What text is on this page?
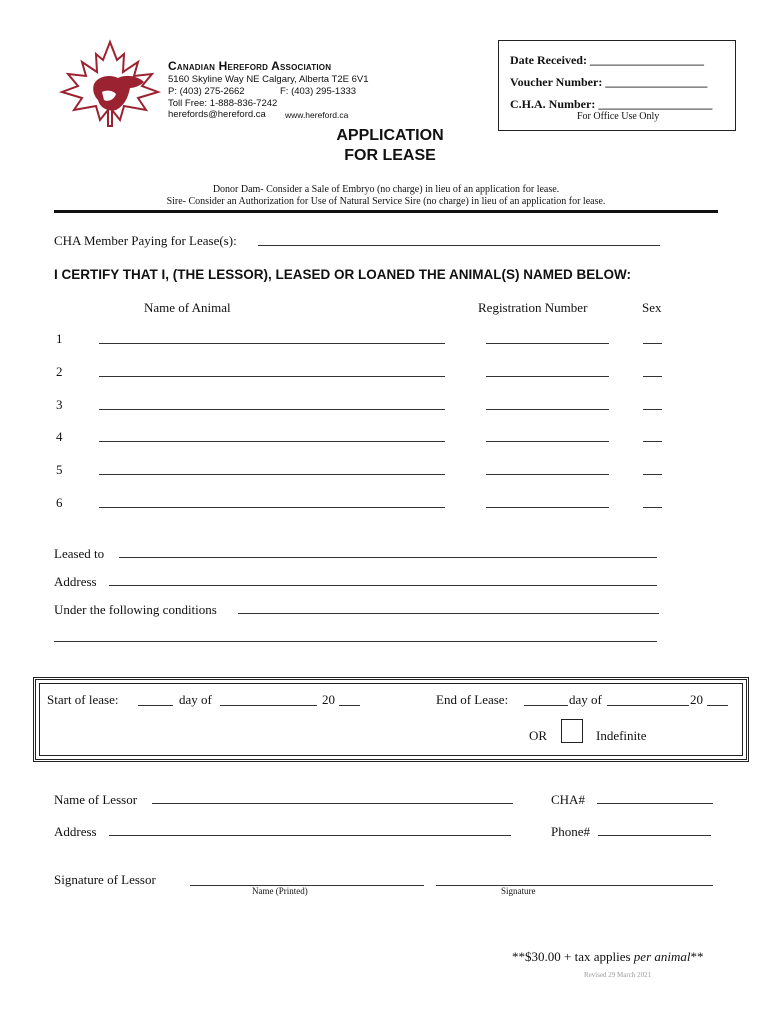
Canadian Hereford Association
5160 Skyline Way NE Calgary, Alberta T2E 6V1
P: (403) 275-2662	F: (403) 295-1333
Toll Free: 1-888-836-7242
herefords@hereford.ca www.hereford.ca
Date Received: ___________________
Voucher Number: _________________
C.H.A. Number: ___________________
For Office Use Only
APPLICATION
FOR LEASE
Donor Dam- Consider a Sale of Embryo (no charge) in lieu of an application for lease.
Sire- Consider an Authorization for Use of Natural Service Sire (no charge) in lieu of an application for lease.
CHA Member Paying for Lease(s):
I CERTIFY THAT I, (THE LESSOR), LEASED OR LOANED THE ANIMAL(S) NAMED BELOW:
Name of Animal	Registration Number	Sex
1
2
3
4
5
6
Leased to
Address
Under the following conditions
Start of lease:	day of	20	End of Lease:	day of	20
OR	Indefinite
Name of Lessor	CHA#
Address	Phone#
Signature of Lessor
Name (Printed)	Signature
**$30.00 + tax applies per animal**
Revised 29 March 2021
